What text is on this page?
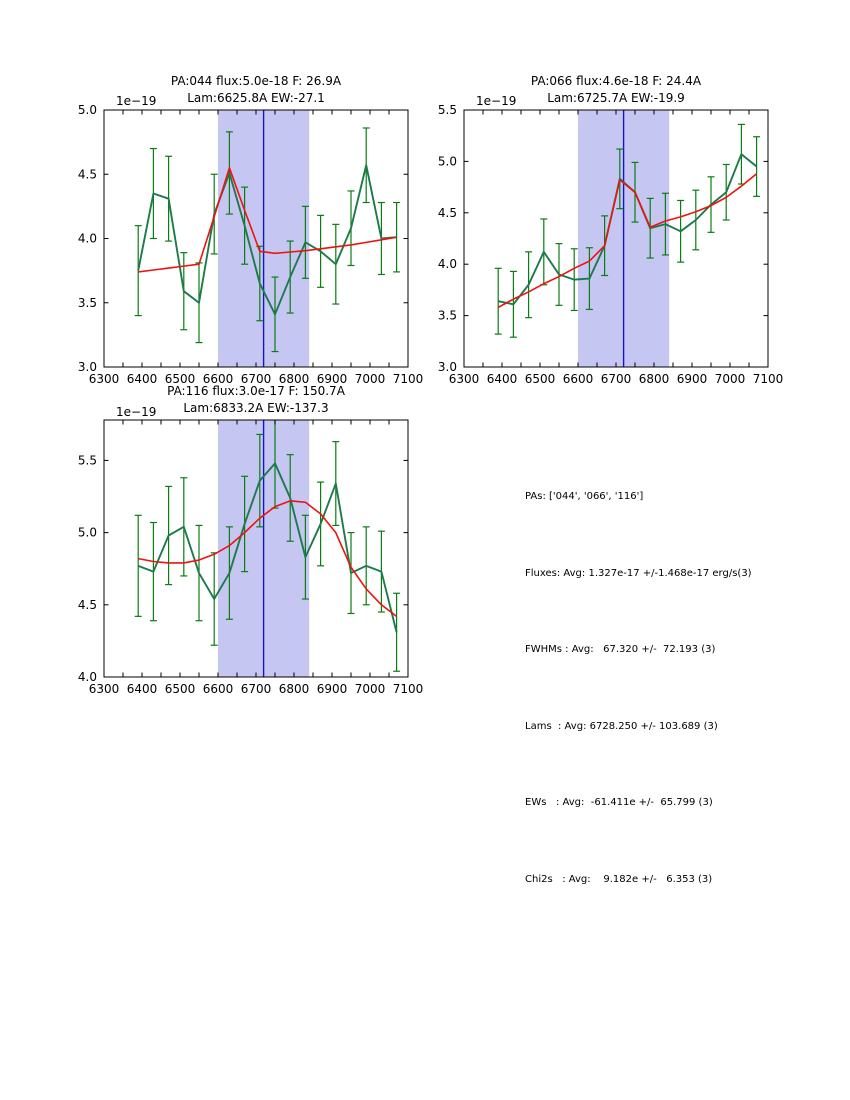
PA:044 flux:5.0e-18 F: 26.9A
Lam:6625.8A EW:-27.1
1e−19
6300 6400 6500 6600 6700 6800 6900 7000 7100
3.0
3.5
4.0
4.5
5.0
PA:066 flux:4.6e-18 F: 24.4A
Lam:6725.7A EW:-19.9
1e−19
6300 6400 6500 6600 6700 6800 6900 7000 7100
3.0
3.5
4.0
4.5
5.0
5.5
PA:116 flux:3.0e-17 F: 150.7A
Lam:6833.2A EW:-137.3
1e−19
6300 6400 6500 6600 6700 6800 6900 7000 7100
4.0
4.5
5.0
5.5

PAs: ['044', '066', '116']

Fluxes: Avg: 1.327e-17 +/-1.468e-17 erg/s(3)

FWHMs : Avg:   67.320 +/-  72.193 (3)

Lams  : Avg: 6728.250 +/- 103.689 (3)

EWs   : Avg:  -61.411e +/-  65.799 (3)

Chi2s   : Avg:    9.182e +/-   6.353 (3)
